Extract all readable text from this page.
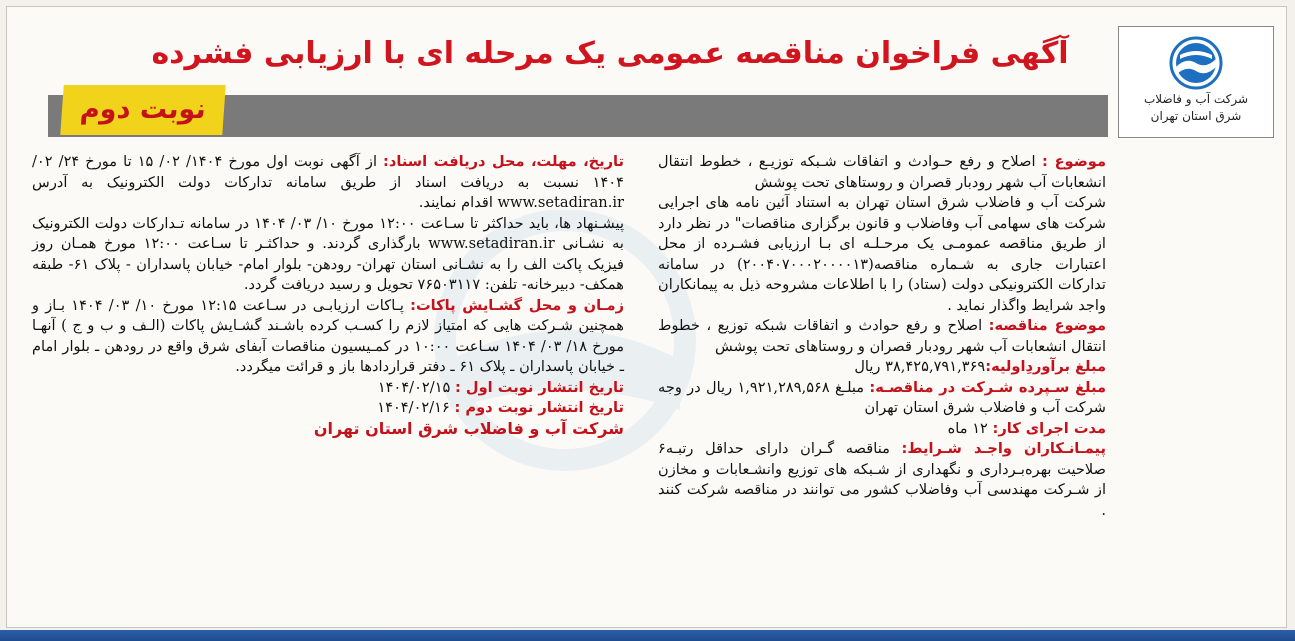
شرکت آب و فاضلاب
شرق استان تهران
آگهی فراخوان مناقصه عمومی یک مرحله ای با ارزیابی فشرده
نوبت دوم

موضوع : اصلاح و رفع حـوادث و اتفاقات شـبکه توزیـع ، خطوط انتقال انشعابات آب شهر رودبار قصران و روستاهای تحت پوشش

شرکت آب و فاضلاب شرق استان تهران به استناد آئین نامه های اجرایی شرکت های سهامی آب وفاضلاب و قانون برگزاری مناقصات" در نظر دارد از طریق مناقصه عمومـی یک مرحـلـه ای بـا ارزیابی فشـرده از محل اعتبارات جاری به شـماره مناقصه(۲۰۰۴۰۷۰۰۰۲۰۰۰۰۱۳) در سامانه تدارکات الکترونیکی دولت (ستاد) را با اطلاعات مشروحه ذیل به پیمانکاران واجد شرایط واگذار نماید .

موضوع مناقصه: اصلاح و رفع حوادث و اتفاقات شبکه توزیع ، خطوط انتقال انشعابات آب شهر رودبار قصران و روستاهای تحت پوشش

مبلغ برآوردِاولیه:۳۸,۴۲۵,۷۹۱,۳۶۹ ریال

مبلغ سـپرده شـرکت در مناقصـه: مبلـغ ۱,۹۲۱,۲۸۹,۵۶۸ ریال در وجه شرکت آب و فاضلاب شرق استان تهران

مدت اجرای کار: ۱۲ ماه

پیمـانـکاران واجـد شـرایط: مناقصه گـران دارای حداقل رتبـه۶ صلاحیت بهره‌بـرداری و نگهداری از شـبکه های توزیع وانشـعابات و مخازن از شـرکت مهندسی آب وفاضلاب کشور می توانند در مناقصه شرکت کنند .

تاریخ، مهلت، محل دریافت اسناد: از آگهی نوبت اول مورخ ۱۴۰۴/ ۰۲/ ۱۵ تا مورخ ۲۴/ ۰۲/ ۱۴۰۴ نسبت به دریافت اسناد از طریق سامانه تدارکات دولت الکترونیک به آدرس www.setadiran.ir اقدام نمایند.

پیشـنهاد ها، باید حداکثر تا سـاعت ۱۲:۰۰ مورخ ۱۰/ ۰۳/ ۱۴۰۴ در سامانه تـدارکات دولت الکترونیک به نشـانی www.setadiran.ir بارگذاری گردند. و حداکثـر تا سـاعت ۱۲:۰۰ مورخ همـان روز فیزیک پاکت الف را به نشـانی استان تهران- رودهن- بلوار امام- خیابان پاسداران - پلاک ۶۱- طبقه همکف- دبیرخانه- تلفن: ۷۶۵۰۳۱۱۷ تحویل و رسید دریافت گردد.

زمـان و محل گشـایش پاکات: پـاکات ارزیابـی در سـاعت ۱۲:۱۵ مورخ ۱۰/ ۰۳/ ۱۴۰۴ بـاز و همچنین شـرکت هایی که امتیاز لازم را کسـب کرده باشـند گشـایش پاکات (الـف و ب و ج ) آنهـا مورخ ۱۸/ ۰۳/ ۱۴۰۴ سـاعت ۱۰:۰۰ در کمـیسیون مناقصات آبفای شرق واقع در رودهن ـ بلوار امام ـ خیابان پاسداران ـ پلاک ۶۱ ـ دفتر قراردادها باز و قرائت میگردد.

تاریخ انتشار نوبت اول : ۱۴۰۴/۰۲/۱۵

تاریخ انتشار نوبت دوم : ۱۴۰۴/۰۲/۱۶

شرکت آب و فاضلاب شرق استان تهران
